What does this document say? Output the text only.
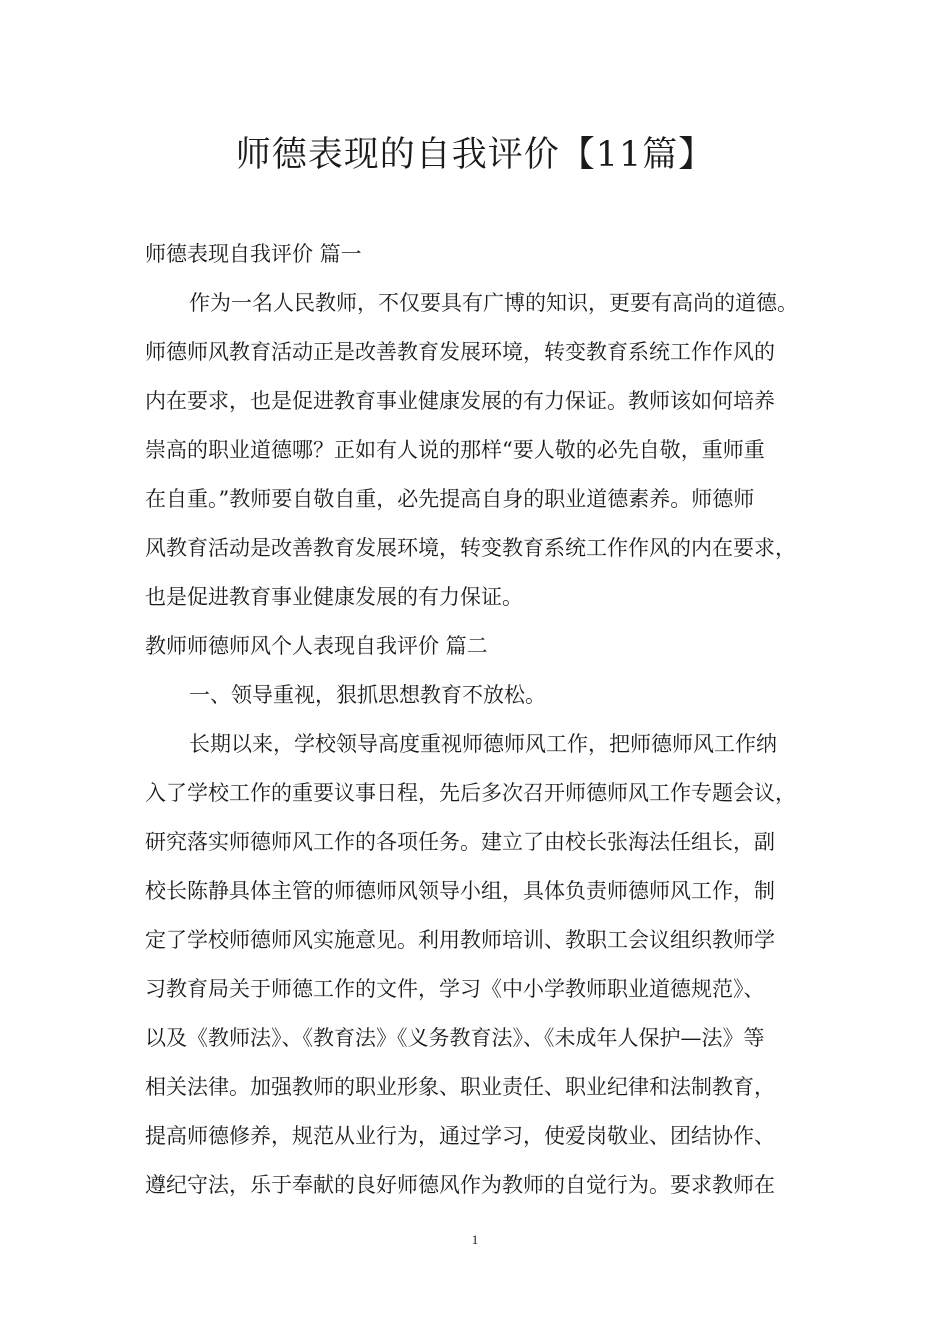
师德表现的自我评价【11篇】
师德表现自我评价 篇一
作为一名人民教师，不仅要具有广博的知识，更要有高尚的道德。
师德师风教育活动正是改善教育发展环境，转变教育系统工作作风的
内在要求，也是促进教育事业健康发展的有力保证。教师该如何培养
崇高的职业道德哪？正如有人说的那样“要人敬的必先自敬，重师重
在自重。”教师要自敬自重，必先提高自身的职业道德素养。师德师
风教育活动是改善教育发展环境，转变教育系统工作作风的内在要求，
也是促进教育事业健康发展的有力保证。
教师师德师风个人表现自我评价 篇二
一、领导重视，狠抓思想教育不放松。
长期以来，学校领导高度重视师德师风工作，把师德师风工作纳
入了学校工作的重要议事日程，先后多次召开师德师风工作专题会议，
研究落实师德师风工作的各项任务。建立了由校长张海法任组长，副
校长陈静具体主管的师德师风领导小组，具体负责师德师风工作，制
定了学校师德师风实施意见。利用教师培训、教职工会议组织教师学
习教育局关于师德工作的文件，学习《中小学教师职业道德规范》、
以及《教师法》、《教育法》《义务教育法》、《未成年人保护—法》等
相关法律。加强教师的职业形象、职业责任、职业纪律和法制教育，
提高师德修养，规范从业行为，通过学习，使爱岗敬业、团结协作、
遵纪守法，乐于奉献的良好师德风作为教师的自觉行为。要求教师在
1
